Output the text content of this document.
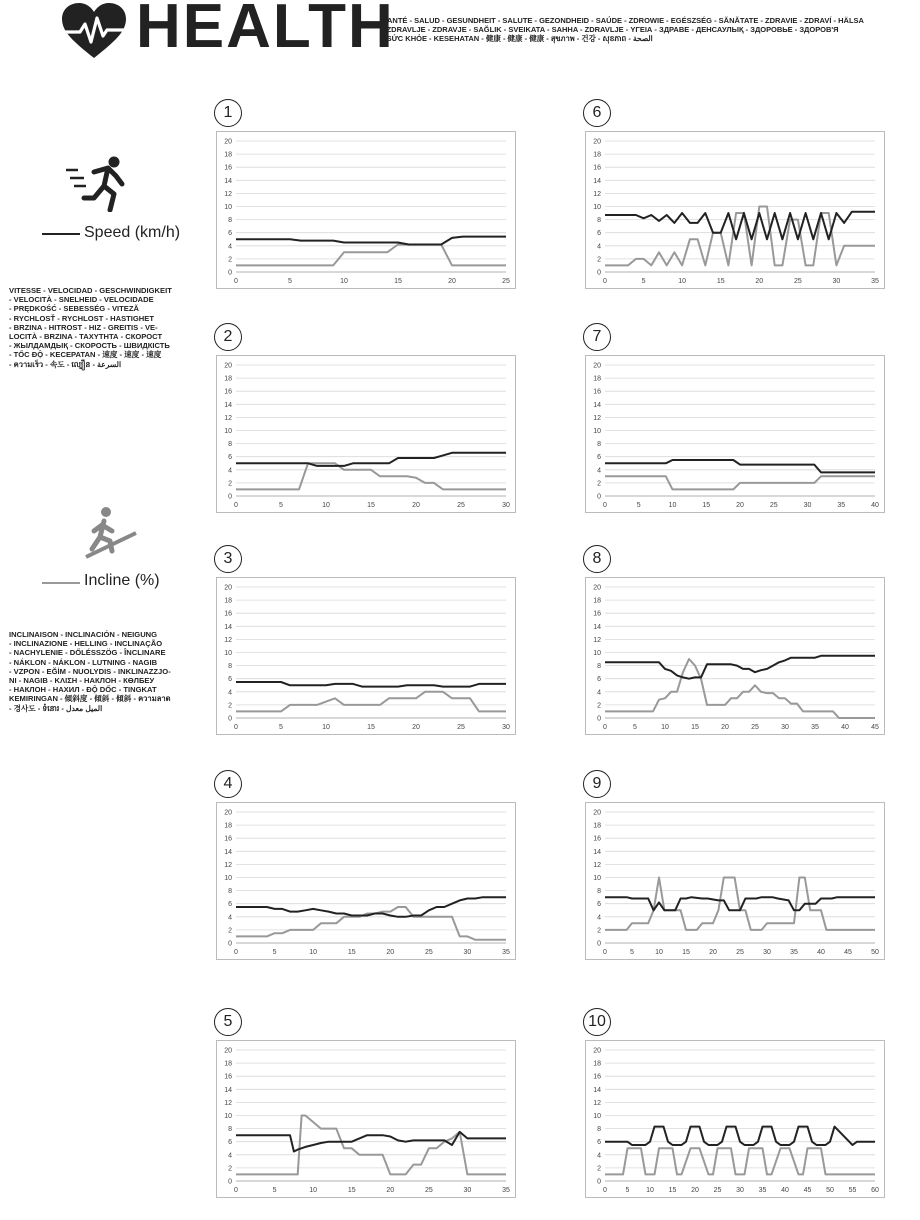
HEALTH
SANTÉ - SALUD - GESUNDHEIT - SALUTE - GEZONDHEID - SAÚDE - ZDROWIE - EGÉSZSÉG - SĂNĂTATE - ZDRAVIE - ZDRAVÍ - HÄLSA
- ZDRAVLJE - ZDRAVJE - SAĞLIK - SVEIKATA - SAHHA - ZDRAVLJE - ΥΓΕΙΑ - ЗДРАВЕ - ДЕНСАУЛЫҚ - ЗДОРОВЬЕ - ЗДОРОВ'Я
- SỨC KHỎE - KESEHATAN - 健康 - 健康 - 健康 - สุขภาพ - 건강 - សុខភាព - الصحة
Speed (km/h)
VITESSE - VELOCIDAD - GESCHWINDIGKEIT
- VELOCITÀ - SNELHEID - VELOCIDADE
- PRĘDKOŚĆ - SEBESSÉG - VITEZĂ
- RYCHLOSŤ - RYCHLOST - HASTIGHET
- BRZINA - HITROST - HIZ - GREITIS - VE-
LOCITÀ - BRZINA - ΤΑΧΥΤΗΤΑ - СКОРОСТ
- ЖЫЛДАМДЫҚ - СКОРОСТЬ - ШВИДКІСТЬ
- TỐC ĐỘ - KECEPATAN - 速度 - 速度 - 速度
- ความเร็ว - 속도 - ល្បឿន - السرعة
Incline (%)
INCLINAISON - INCLINACIÓN - NEIGUNG
- INCLINAZIONE - HELLING - INCLINAÇÃO
- NACHYLENIE - DŐLÉSSZÖG - ÎNCLINARE
- NÁKLON - NÁKLON - LUTNING - NAGIB
- VZPON - EĞİM - NUOLYDIS - INKLINAZZJO-
NI - NAGIB - ΚΛΙΣΗ - НАКЛОН - КӨЛБЕУ
- НАКЛОН - НАХИЛ - ĐỘ DỐC - TINGKAT
KEMIRINGAN - 傾斜度 - 傾斜 - 傾斜 - ความลาด
- 경사도 - ទំនោរ - الميل معدل
1
0
2
4
6
8
10
12
14
16
18
20
0	5	10	15	20	25
6
0
2
4
6
8
10
12
14
16
18
20
0	5	10	15	20	25	30	35
2
0
2
4
6
8
10
12
14
16
18
20
0	5	10	15	20	25	30
7
0
2
4
6
8
10
12
14
16
18
20
0	5	10	15	20	25	30	35	40
3
0
2
4
6
8
10
12
14
16
18
20
0	5	10	15	20	25	30
8
0
2
4
6
8
10
12
14
16
18
20
0	5	10	15	20	25	30	35	40	45
4
0
2
4
6
8
10
12
14
16
18
20
0	5	10	15	20	25	30	35
9
0
2
4
6
8
10
12
14
16
18
20
0	5	10	15	20	25	30	35	40	45	50
5
0
2
4
6
8
10
12
14
16
18
20
0	5	10	15	20	25	30	35
10
0
2
4
6
8
10
12
14
16
18
20
0	5 10 15 20 25 30 35 40 45 50 55 60
